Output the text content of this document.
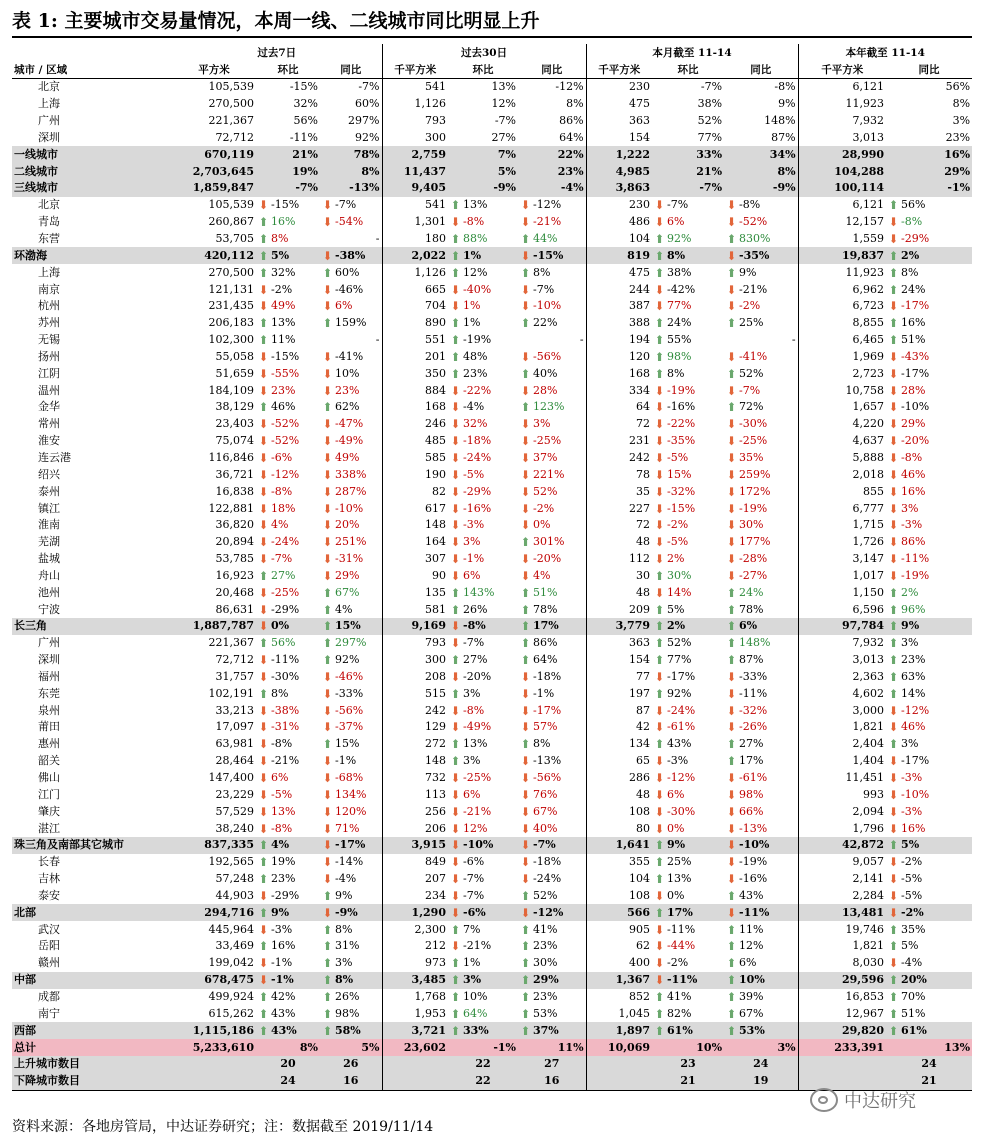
表 1: 主要城市交易量情况，本周一线、二线城市同比明显上升
	过去7日			过去30日			本月截至 11-14			本年截至 11-14	
城市 / 区域	平方米	环比	同比	千平方米	环比	同比	千平方米	环比	同比	千平方米	同比
北京	105,539	-15%	-7%	541	13%	-12%	230	-7%	-8%	6,121	56%
上海	270,500	32%	60%	1,126	12%	8%	475	38%	9%	11,923	8%
广州	221,367	56%	297%	793	-7%	86%	363	52%	148%	7,932	3%
深圳	72,712	-11%	92%	300	27%	64%	154	77%	87%	3,013	23%
一线城市	670,119	21%	78%	2,759	7%	22%	1,222	33%	34%	28,990	16%
二线城市	2,703,645	19%	8%	11,437	5%	23%	4,985	21%	8%	104,288	29%
三线城市	1,859,847	-7%	-13%	9,405	-9%	-4%	3,863	-7%	-9%	100,114	-1%
北京	105,539	⬇-15%	⬇-7%	541	⬆13%	⬇-12%	230	⬇-7%	⬇-8%	6,121	⬆56%
青岛	260,867	⬆16%	⬇-54%	1,301	⬇-8%	⬇-21%	486	⬇6%	⬇-52%	12,157	⬇-8%
东营	53,705	⬆8%	-	180	⬆88%	⬆44%	104	⬆92%	⬆830%	1,559	⬇-29%
环渤海	420,112	⬆5%	⬇-38%	2,022	⬆1%	⬇-15%	819	⬆8%	⬇-35%	19,837	⬆2%
上海	270,500	⬆32%	⬆60%	1,126	⬆12%	⬆8%	475	⬆38%	⬆9%	11,923	⬆8%
南京	121,131	⬇-2%	⬇-46%	665	⬇-40%	⬇-7%	244	⬇-42%	⬇-21%	6,962	⬆24%
杭州	231,435	⬇49%	⬇6%	704	⬇1%	⬇-10%	387	⬇77%	⬇-2%	6,723	⬇-17%
苏州	206,183	⬆13%	⬆159%	890	⬆1%	⬆22%	388	⬆24%	⬆25%	8,855	⬆16%
无锡	102,300	⬆11%	-	551	⬆-19%	-	194	⬆55%	-	6,465	⬆51%
扬州	55,058	⬇-15%	⬇-41%	201	⬆48%	⬇-56%	120	⬆98%	⬇-41%	1,969	⬇-43%
江阴	51,659	⬇-55%	⬇10%	350	⬆23%	⬆40%	168	⬆8%	⬆52%	2,723	⬇-17%
温州	184,109	⬇23%	⬇23%	884	⬇-22%	⬇28%	334	⬇-19%	⬇-7%	10,758	⬇28%
金华	38,129	⬆46%	⬆62%	168	⬇-4%	⬆123%	64	⬇-16%	⬆72%	1,657	⬇-10%
常州	23,403	⬇-52%	⬇-47%	246	⬇32%	⬇3%	72	⬇-22%	⬇-30%	4,220	⬇29%
淮安	75,074	⬇-52%	⬇-49%	485	⬇-18%	⬇-25%	231	⬇-35%	⬇-25%	4,637	⬇-20%
连云港	116,846	⬇-6%	⬇49%	585	⬇-24%	⬇37%	242	⬇-5%	⬇35%	5,888	⬇-8%
绍兴	36,721	⬇-12%	⬇338%	190	⬇-5%	⬇221%	78	⬇15%	⬇259%	2,018	⬇46%
泰州	16,838	⬇-8%	⬇287%	82	⬇-29%	⬇52%	35	⬇-32%	⬇172%	855	⬇16%
镇江	122,881	⬇18%	⬇-10%	617	⬇-16%	⬇-2%	227	⬇-15%	⬇-19%	6,777	⬇3%
淮南	36,820	⬇4%	⬇20%	148	⬇-3%	⬇0%	72	⬇-2%	⬇30%	1,715	⬇-3%
芜湖	20,894	⬇-24%	⬇251%	164	⬇3%	⬆301%	48	⬇-5%	⬇177%	1,726	⬇86%
盐城	53,785	⬇-7%	⬇-31%	307	⬇-1%	⬇-20%	112	⬇2%	⬇-28%	3,147	⬇-11%
舟山	16,923	⬆27%	⬇29%	90	⬇6%	⬇4%	30	⬆30%	⬇-27%	1,017	⬇-19%
池州	20,468	⬇-25%	⬆67%	135	⬆143%	⬆51%	48	⬇14%	⬆24%	1,150	⬆2%
宁波	86,631	⬇-29%	⬆4%	581	⬆26%	⬆78%	209	⬆5%	⬆78%	6,596	⬆96%
长三角	1,887,787	⬇0%	⬆15%	9,169	⬇-8%	⬆17%	3,779	⬆2%	⬆6%	97,784	⬆9%
广州	221,367	⬆56%	⬆297%	793	⬇-7%	⬆86%	363	⬆52%	⬆148%	7,932	⬆3%
深圳	72,712	⬇-11%	⬆92%	300	⬆27%	⬆64%	154	⬆77%	⬆87%	3,013	⬆23%
福州	31,757	⬇-30%	⬇-46%	208	⬇-20%	⬇-18%	77	⬇-17%	⬇-33%	2,363	⬆63%
东莞	102,191	⬆8%	⬇-33%	515	⬆3%	⬇-1%	197	⬆92%	⬇-11%	4,602	⬆14%
泉州	33,213	⬇-38%	⬇-56%	242	⬇-8%	⬇-17%	87	⬇-24%	⬇-32%	3,000	⬇-12%
莆田	17,097	⬇-31%	⬇-37%	129	⬇-49%	⬇57%	42	⬇-61%	⬇-26%	1,821	⬇46%
惠州	63,981	⬇-8%	⬆15%	272	⬆13%	⬆8%	134	⬆43%	⬆27%	2,404	⬆3%
韶关	28,464	⬇-21%	⬇-1%	148	⬆3%	⬇-13%	65	⬇-3%	⬆17%	1,404	⬇-17%
佛山	147,400	⬇6%	⬇-68%	732	⬇-25%	⬇-56%	286	⬇-12%	⬇-61%	11,451	⬇-3%
江门	23,229	⬇-5%	⬇134%	113	⬇6%	⬇76%	48	⬇6%	⬇98%	993	⬇-10%
肇庆	57,529	⬇13%	⬇120%	256	⬇-21%	⬇67%	108	⬇-30%	⬇66%	2,094	⬇-3%
湛江	38,240	⬇-8%	⬇71%	206	⬇12%	⬇40%	80	⬇0%	⬇-13%	1,796	⬇16%
珠三角及南部其它城市	837,335	⬆4%	⬇-17%	3,915	⬇-10%	⬇-7%	1,641	⬆9%	⬇-10%	42,872	⬆5%
长春	192,565	⬆19%	⬇-14%	849	⬇-6%	⬇-18%	355	⬆25%	⬇-19%	9,057	⬇-2%
吉林	57,248	⬆23%	⬇-4%	207	⬇-7%	⬇-24%	104	⬆13%	⬇-16%	2,141	⬇-5%
泰安	44,903	⬇-29%	⬆9%	234	⬇-7%	⬆52%	108	⬇0%	⬆43%	2,284	⬇-5%
北部	294,716	⬆9%	⬇-9%	1,290	⬇-6%	⬇-12%	566	⬆17%	⬇-11%	13,481	⬇-2%
武汉	445,964	⬇-3%	⬆8%	2,300	⬆7%	⬆41%	905	⬇-11%	⬆11%	19,746	⬆35%
岳阳	33,469	⬆16%	⬆31%	212	⬇-21%	⬆23%	62	⬇-44%	⬆12%	1,821	⬆5%
赣州	199,042	⬇-1%	⬆3%	973	⬆1%	⬆30%	400	⬇-2%	⬆6%	8,030	⬇-4%
中部	678,475	⬇-1%	⬆8%	3,485	⬆3%	⬆29%	1,367	⬇-11%	⬆10%	29,596	⬆20%
成都	499,924	⬆42%	⬆26%	1,768	⬆10%	⬆23%	852	⬆41%	⬆39%	16,853	⬆70%
南宁	615,262	⬆43%	⬆98%	1,953	⬆64%	⬆53%	1,045	⬆82%	⬆67%	12,967	⬆51%
西部	1,115,186	⬆43%	⬆58%	3,721	⬆33%	⬆37%	1,897	⬆61%	⬆53%	29,820	⬆61%
总计	5,233,610	8%	5%	23,602	-1%	11%	10,069	10%	3%	233,391	13%
上升城市数目		20	26		22	27		23	24		24
下降城市数目		24	16		22	16		21	19		21
资料来源：各地房管局，中达证券研究；注：数据截至 2019/11/14
中达研究
